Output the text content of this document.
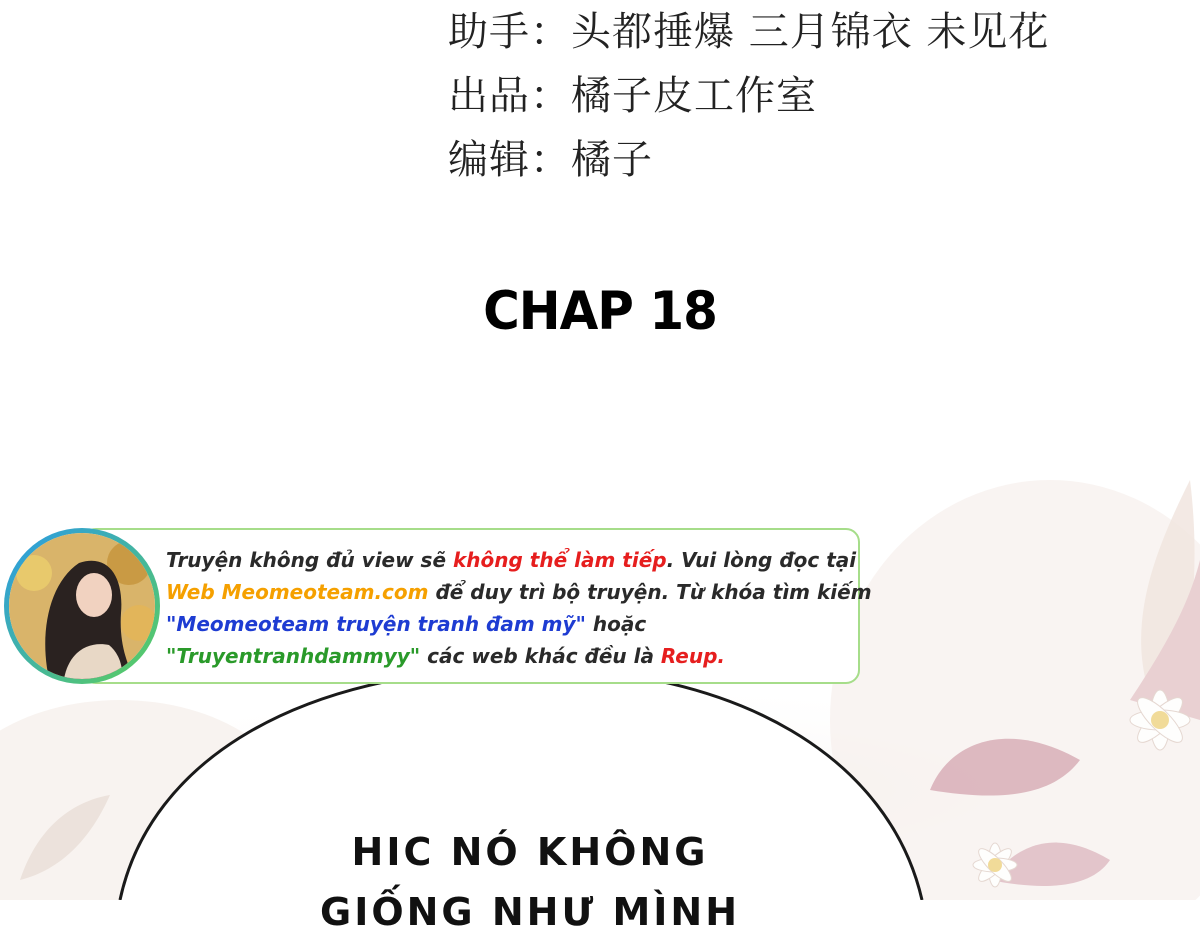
助手：头都捶爆 三月锦衣 未见花
出品：橘子皮工作室
编辑：橘子
CHAP 18
Truyện không đủ view sẽ không thể làm tiếp. Vui lòng đọc tại
Web Meomeoteam.com để duy trì bộ truyện. Từ khóa tìm kiếm
"Meomeoteam truyện tranh đam mỹ" hoặc
"Truyentranhdammyy" các web khác đều là Reup.
HIC NÓ KHÔNG
GIỐNG NHƯ MÌNH
